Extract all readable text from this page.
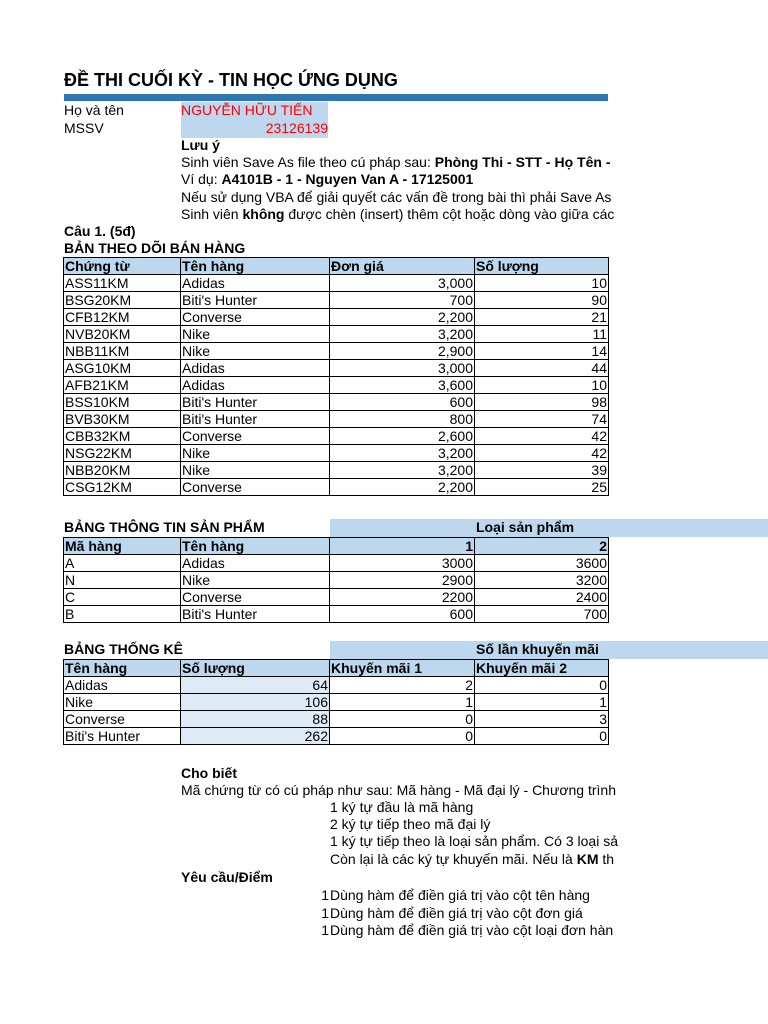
ĐỀ THI CUỐI KỲ - TIN HỌC ỨNG DỤNG
Họ và tên	NGUYỄN HỮU TIẾN
MSSV	23126139
Lưu ý
Sinh viên Save As file theo cú pháp sau: Phòng Thi - STT - Họ Tên -
Ví dụ: A4101B - 1 - Nguyen Van A - 17125001
Nếu sử dụng VBA để giải quyết các vấn đề trong bài thì phải Save As
Sinh viên không được chèn (insert) thêm cột hoặc dòng vào giữa các
Câu 1. (5đ)
BẢN THEO DÕI BÁN HÀNG
Chứng từ	Tên hàng	Đơn giá	Số lượng
ASS11KM	Adidas	3,000	10
BSG20KM	Biti's Hunter	700	90
CFB12KM	Converse	2,200	21
NVB20KM	Nike	3,200	11
NBB11KM	Nike	2,900	14
ASG10KM	Adidas	3,000	44
AFB21KM	Adidas	3,600	10
BSS10KM	Biti's Hunter	600	98
BVB30KM	Biti's Hunter	800	74
CBB32KM	Converse	2,600	42
NSG22KM	Nike	3,200	42
NBB20KM	Nike	3,200	39
CSG12KM	Converse	2,200	25
BẢNG THÔNG TIN SẢN PHẨM	Loại sản phẩm
Mã hàng	Tên hàng	1	2
A	Adidas	3000	3600
N	Nike	2900	3200
C	Converse	2200	2400
B	Biti's Hunter	600	700
BẢNG THỐNG KÊ	Số lần khuyến mãi
Tên hàng	Số lượng	Khuyến mãi 1	Khuyến mãi 2
Adidas	64	2	0
Nike	106	1	1
Converse	88	0	3
Biti's Hunter	262	0	0
Cho biết
Mã chứng từ có cú pháp như sau: Mã hàng - Mã đại lý - Chương trình
1 ký tự đầu là mã hàng
2 ký tự tiếp theo mã đại lý
1 ký tự tiếp theo là loại sản phẩm. Có 3 loại sả
Còn lại là các ký tự khuyến mãi. Nếu là KM th
Yêu cầu/Điểm
1 Dùng hàm để điền giá trị vào cột tên hàng
1 Dùng hàm để điền giá trị vào cột đơn giá
1 Dùng hàm để điền giá trị vào cột loại đơn hàn
